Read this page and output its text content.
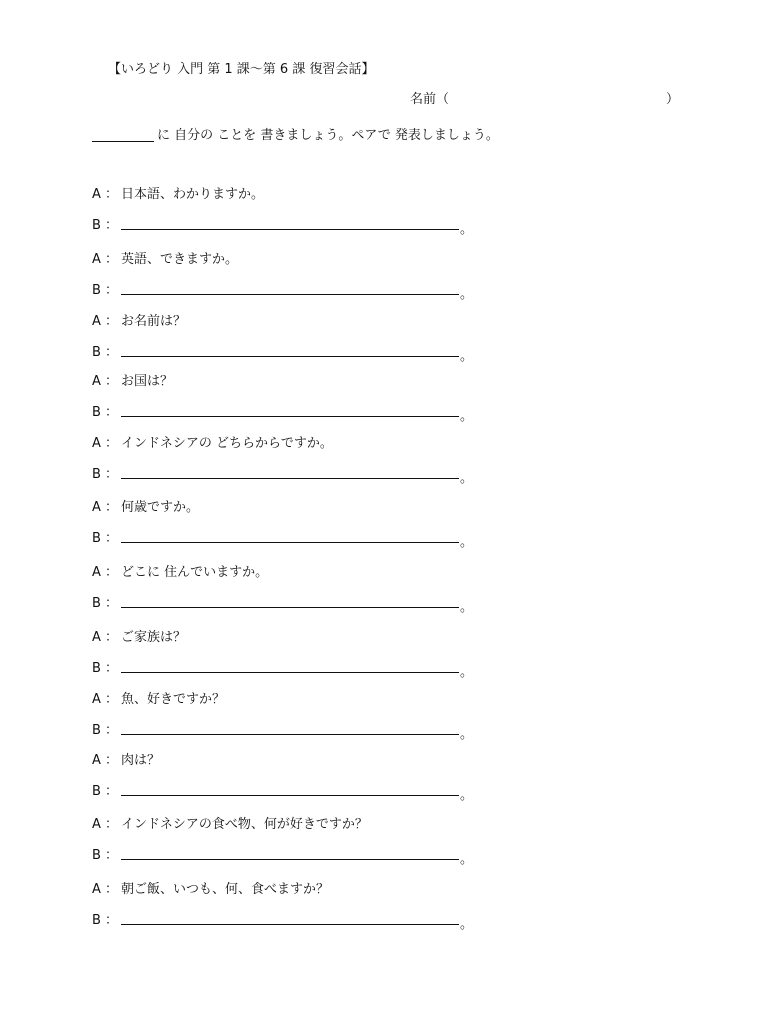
【いろどり 入門 第 1 課〜第 6 課 復習会話】
名前（	）
に 自分の ことを 書きましょう。ペアで 発表しましょう。
A ： 日本語、わかりますか。
B ：	。
A ： 英語、できますか。
B ：	。
A ： お名前は？
B ：	。
A ： お国は？
B ：	。
A ： インドネシアの どちらからですか。
B ：	。
A ： 何歳ですか。
B ：	。
A ： どこに 住んでいますか。
B ：	。
A ： ご家族は？
B ：	。
A ： 魚、好きですか？
B ：	。
A ： 肉は？
B ：	。
A ： インドネシアの食べ物、何が好きですか？
B ：	。
A ： 朝ご飯、いつも、何、食べますか？
B ：	。
